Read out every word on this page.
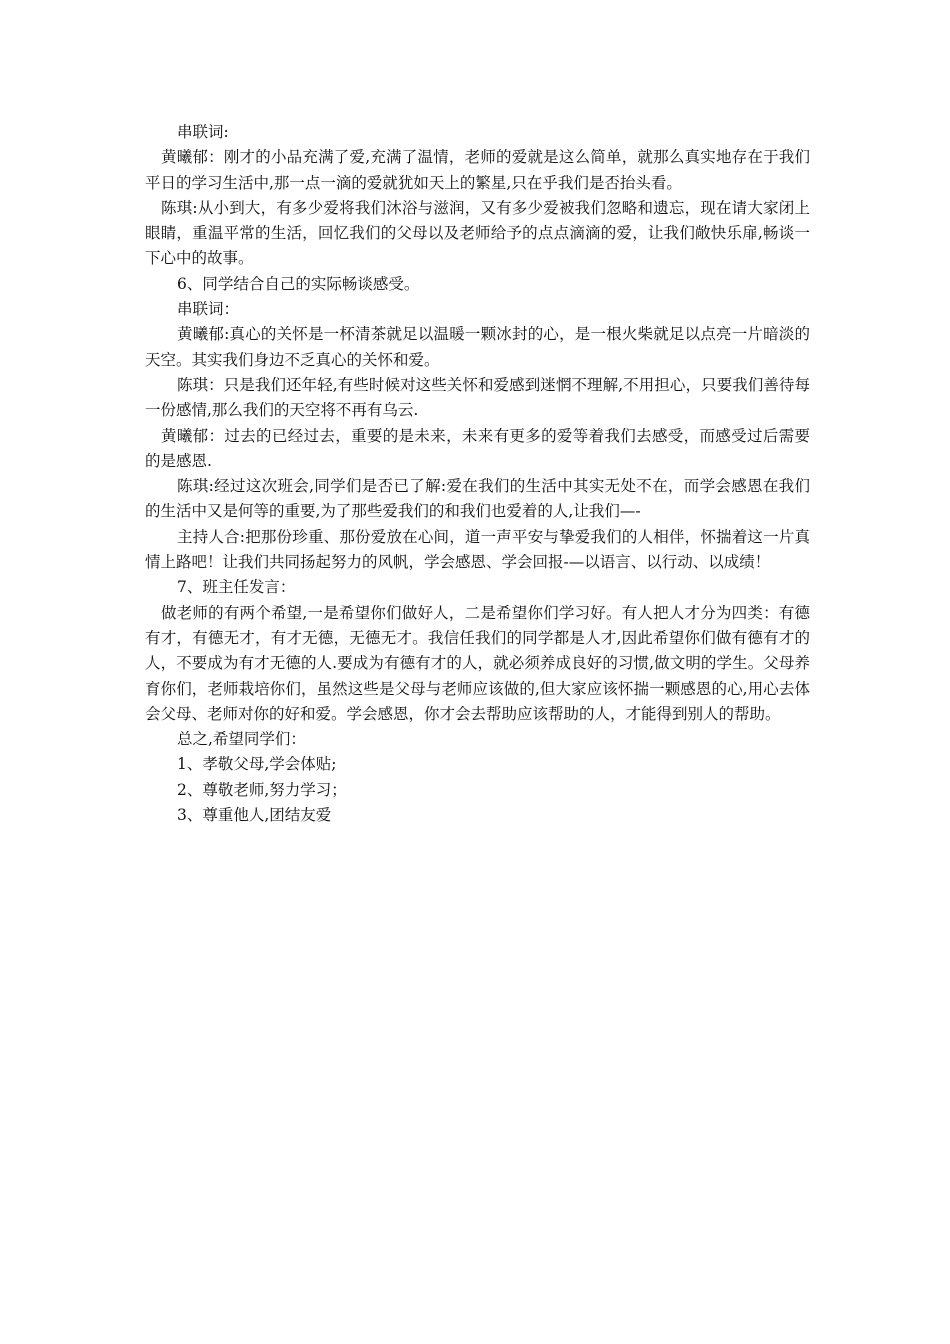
串联词:

黄曦郁：刚才的小品充满了爱,充满了温情，老师的爱就是这么简单，就那么真实地存在于我们平日的学习生活中,那一点一滴的爱就犹如天上的繁星,只在乎我们是否抬头看。

陈琪:从小到大，有多少爱将我们沐浴与滋润，又有多少爱被我们忽略和遗忘，现在请大家闭上眼睛，重温平常的生活，回忆我们的父母以及老师给予的点点滴滴的爱，让我们敞快乐扉,畅谈一下心中的故事。

6、同学结合自己的实际畅谈感受。

串联词：

黄曦郁:真心的关怀是一杯清茶就足以温暖一颗冰封的心，是一根火柴就足以点亮一片暗淡的天空。其实我们身边不乏真心的关怀和爱。

陈琪：只是我们还年轻,有些时候对这些关怀和爱感到迷惘不理解,不用担心，只要我们善待每一份感情,那么我们的天空将不再有乌云.

黄曦郁：过去的已经过去，重要的是未来，未来有更多的爱等着我们去感受，而感受过后需要的是感恩.

陈琪:经过这次班会,同学们是否已了解:爱在我们的生活中其实无处不在，而学会感恩在我们的生活中又是何等的重要,为了那些爱我们的和我们也爱着的人,让我们—-

主持人合:把那份珍重、那份爱放在心间，道一声平安与挚爱我们的人相伴，怀揣着这一片真情上路吧！让我们共同扬起努力的风帆，学会感恩、学会回报-—以语言、以行动、以成绩！

7、班主任发言：

做老师的有两个希望,一是希望你们做好人，二是希望你们学习好。有人把人才分为四类：有德有才，有德无才，有才无德，无德无才。我信任我们的同学都是人才,因此希望你们做有德有才的人，不要成为有才无德的人.要成为有德有才的人，就必须养成良好的习惯,做文明的学生。父母养育你们，老师栽培你们，虽然这些是父母与老师应该做的,但大家应该怀揣一颗感恩的心,用心去体会父母、老师对你的好和爱。学会感恩，你才会去帮助应该帮助的人，才能得到别人的帮助。

总之,希望同学们：

1、孝敬父母,学会体贴;

2、尊敬老师,努力学习；

3、尊重他人,团结友爱
